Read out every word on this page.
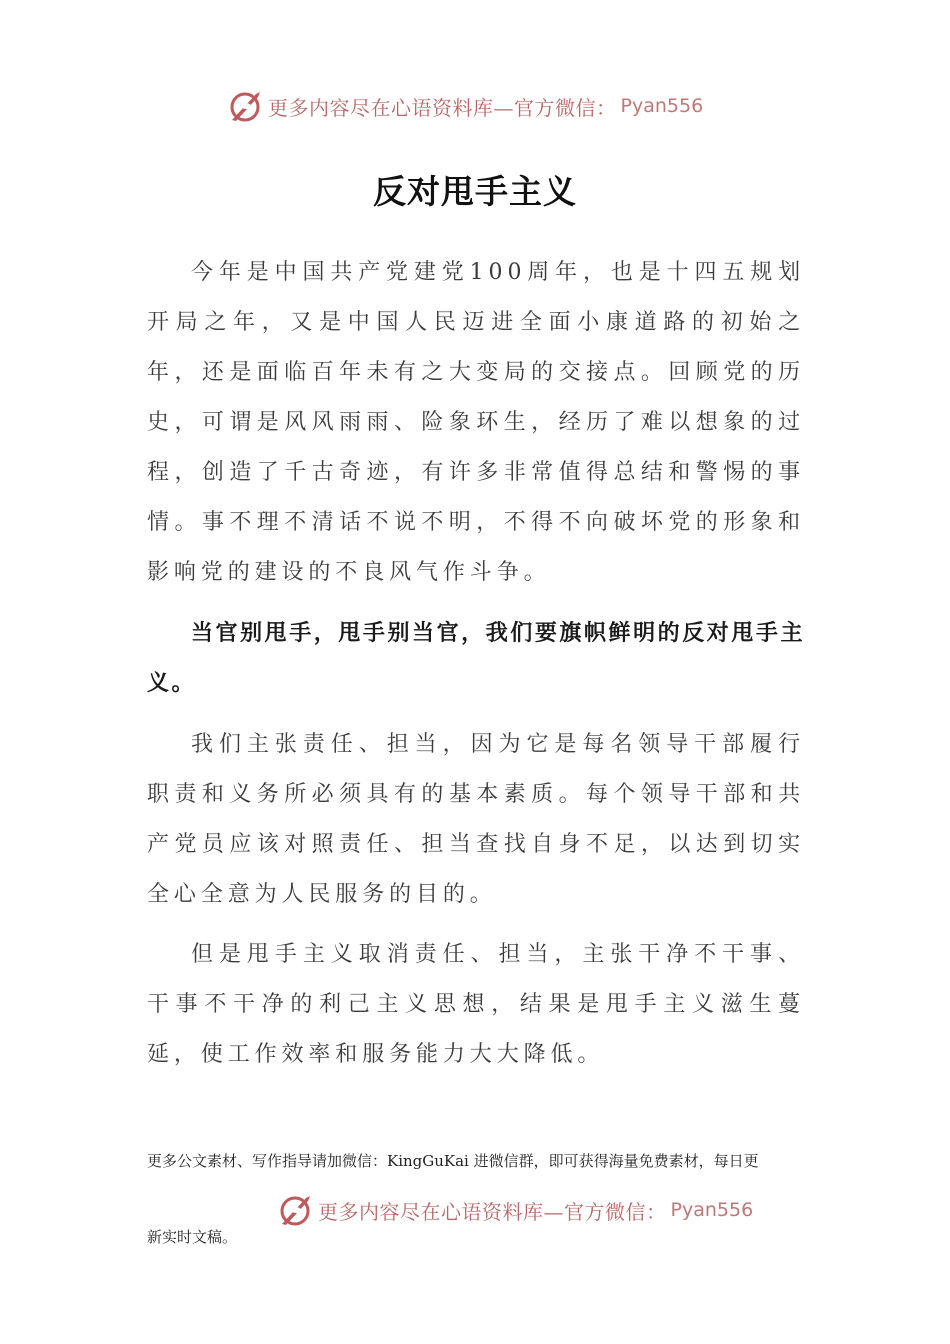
更多内容尽在心语资料库—官方微信： Pyan556
反对甩手主义

今年是中国共产党建党100周年，也是十四五规划开局之年，又是中国人民迈进全面小康道路的初始之年，还是面临百年未有之大变局的交接点。回顾党的历史，可谓是风风雨雨、险象环生，经历了难以想象的过程，创造了千古奇迹，有许多非常值得总结和警惕的事情。事不理不清话不说不明，不得不向破坏党的形象和影响党的建设的不良风气作斗争。

当官别甩手，甩手别当官，我们要旗帜鲜明的反对甩手主义。

我们主张责任、担当，因为它是每名领导干部履行职责和义务所必须具有的基本素质。每个领导干部和共产党员应该对照责任、担当查找自身不足，以达到切实全心全意为人民服务的目的。

但是甩手主义取消责任、担当，主张干净不干事、干事不干净的利己主义思想，结果是甩手主义滋生蔓延，使工作效率和服务能力大大降低。

更多公文素材、写作指导请加微信：KingGuKai 进微信群，即可获得海量免费素材，每日更
新实时文稿。
更多内容尽在心语资料库—官方微信： Pyan556
